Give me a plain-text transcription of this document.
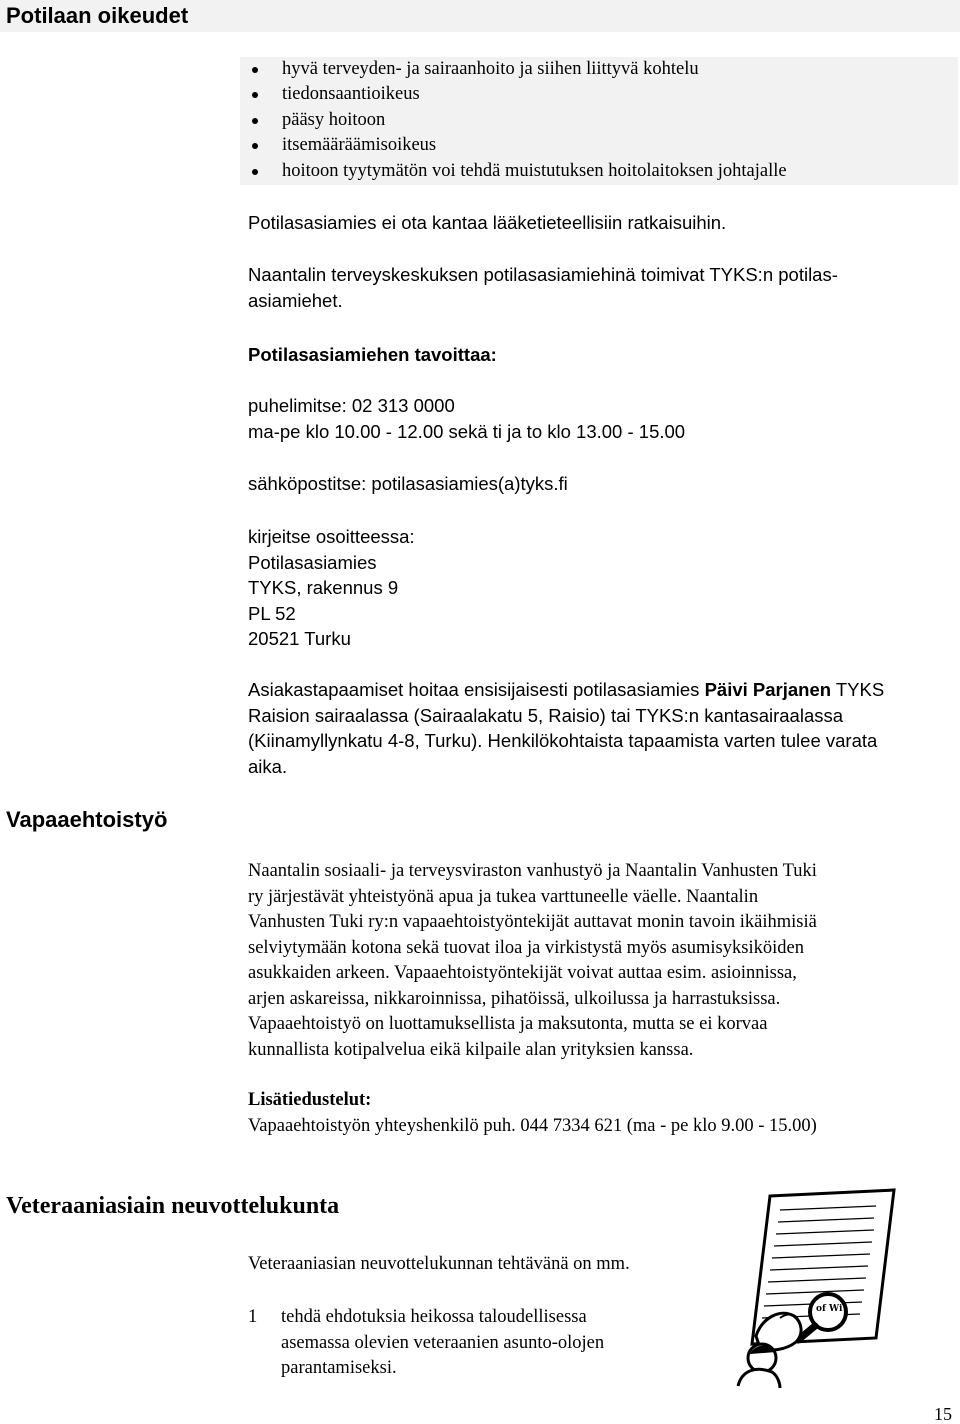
Potilaan oikeudet
hyvä terveyden- ja sairaanhoito ja siihen liittyvä kohtelu
tiedonsaantioikeus
pääsy hoitoon
itsemääräämisoikeus
hoitoon tyytymätön voi tehdä muistutuksen hoitolaitoksen johtajalle

Potilasasiamies ei ota kantaa lääketieteellisiin ratkaisuihin.

Naantalin terveyskeskuksen potilasasiamiehinä toimivat TYKS:n potilas-
asiamiehet.

Potilasasiamiehen tavoittaa:

puhelimitse: 02 313 0000
ma-pe klo 10.00 - 12.00 sekä ti ja to klo 13.00 - 15.00

sähköpostitse: potilasasiamies(a)tyks.fi

kirjeitse osoitteessa:
Potilasasiamies
TYKS, rakennus 9
PL 52
20521 Turku

Asiakastapaamiset hoitaa ensisijaisesti potilasasiamies Päivi Parjanen TYKS
Raision sairaalassa (Sairaalakatu 5, Raisio) tai TYKS:n kantasairaalassa
(Kiinamyllynkatu 4-8, Turku). Henkilökohtaista tapaamista varten tulee varata
aika.

Vapaaehtoistyö

Naantalin sosiaali- ja terveysviraston vanhustyö ja Naantalin Vanhusten Tuki
ry järjestävät yhteistyönä apua ja tukea varttuneelle väelle. Naantalin
Vanhusten Tuki ry:n vapaaehtoistyöntekijät auttavat monin tavoin ikäihmisiä
selviytymään kotona sekä tuovat iloa ja virkistystä myös asumisyksiköiden
asukkaiden arkeen. Vapaaehtoistyöntekijät voivat auttaa esim. asioinnissa,
arjen askareissa, nikkaroinnissa, pihatöissä, ulkoilussa ja harrastuksissa.
Vapaaehtoistyö on luottamuksellista ja maksutonta, mutta se ei korvaa
kunnallista kotipalvelua eikä kilpaile alan yrityksien kanssa.

Lisätiedustelut:

Vapaaehtoistyön yhteyshenkilö puh. 044 7334 621 (ma - pe klo 9.00 - 15.00)

Veteraaniasiain neuvottelukunta

Veteraaniasian neuvottelukunnan tehtävänä on mm.

1 tehdä ehdotuksia heikossa taloudellisessa
asemassa olevien veteraanien asunto-olojen
parantamiseksi.
of Wi
15
